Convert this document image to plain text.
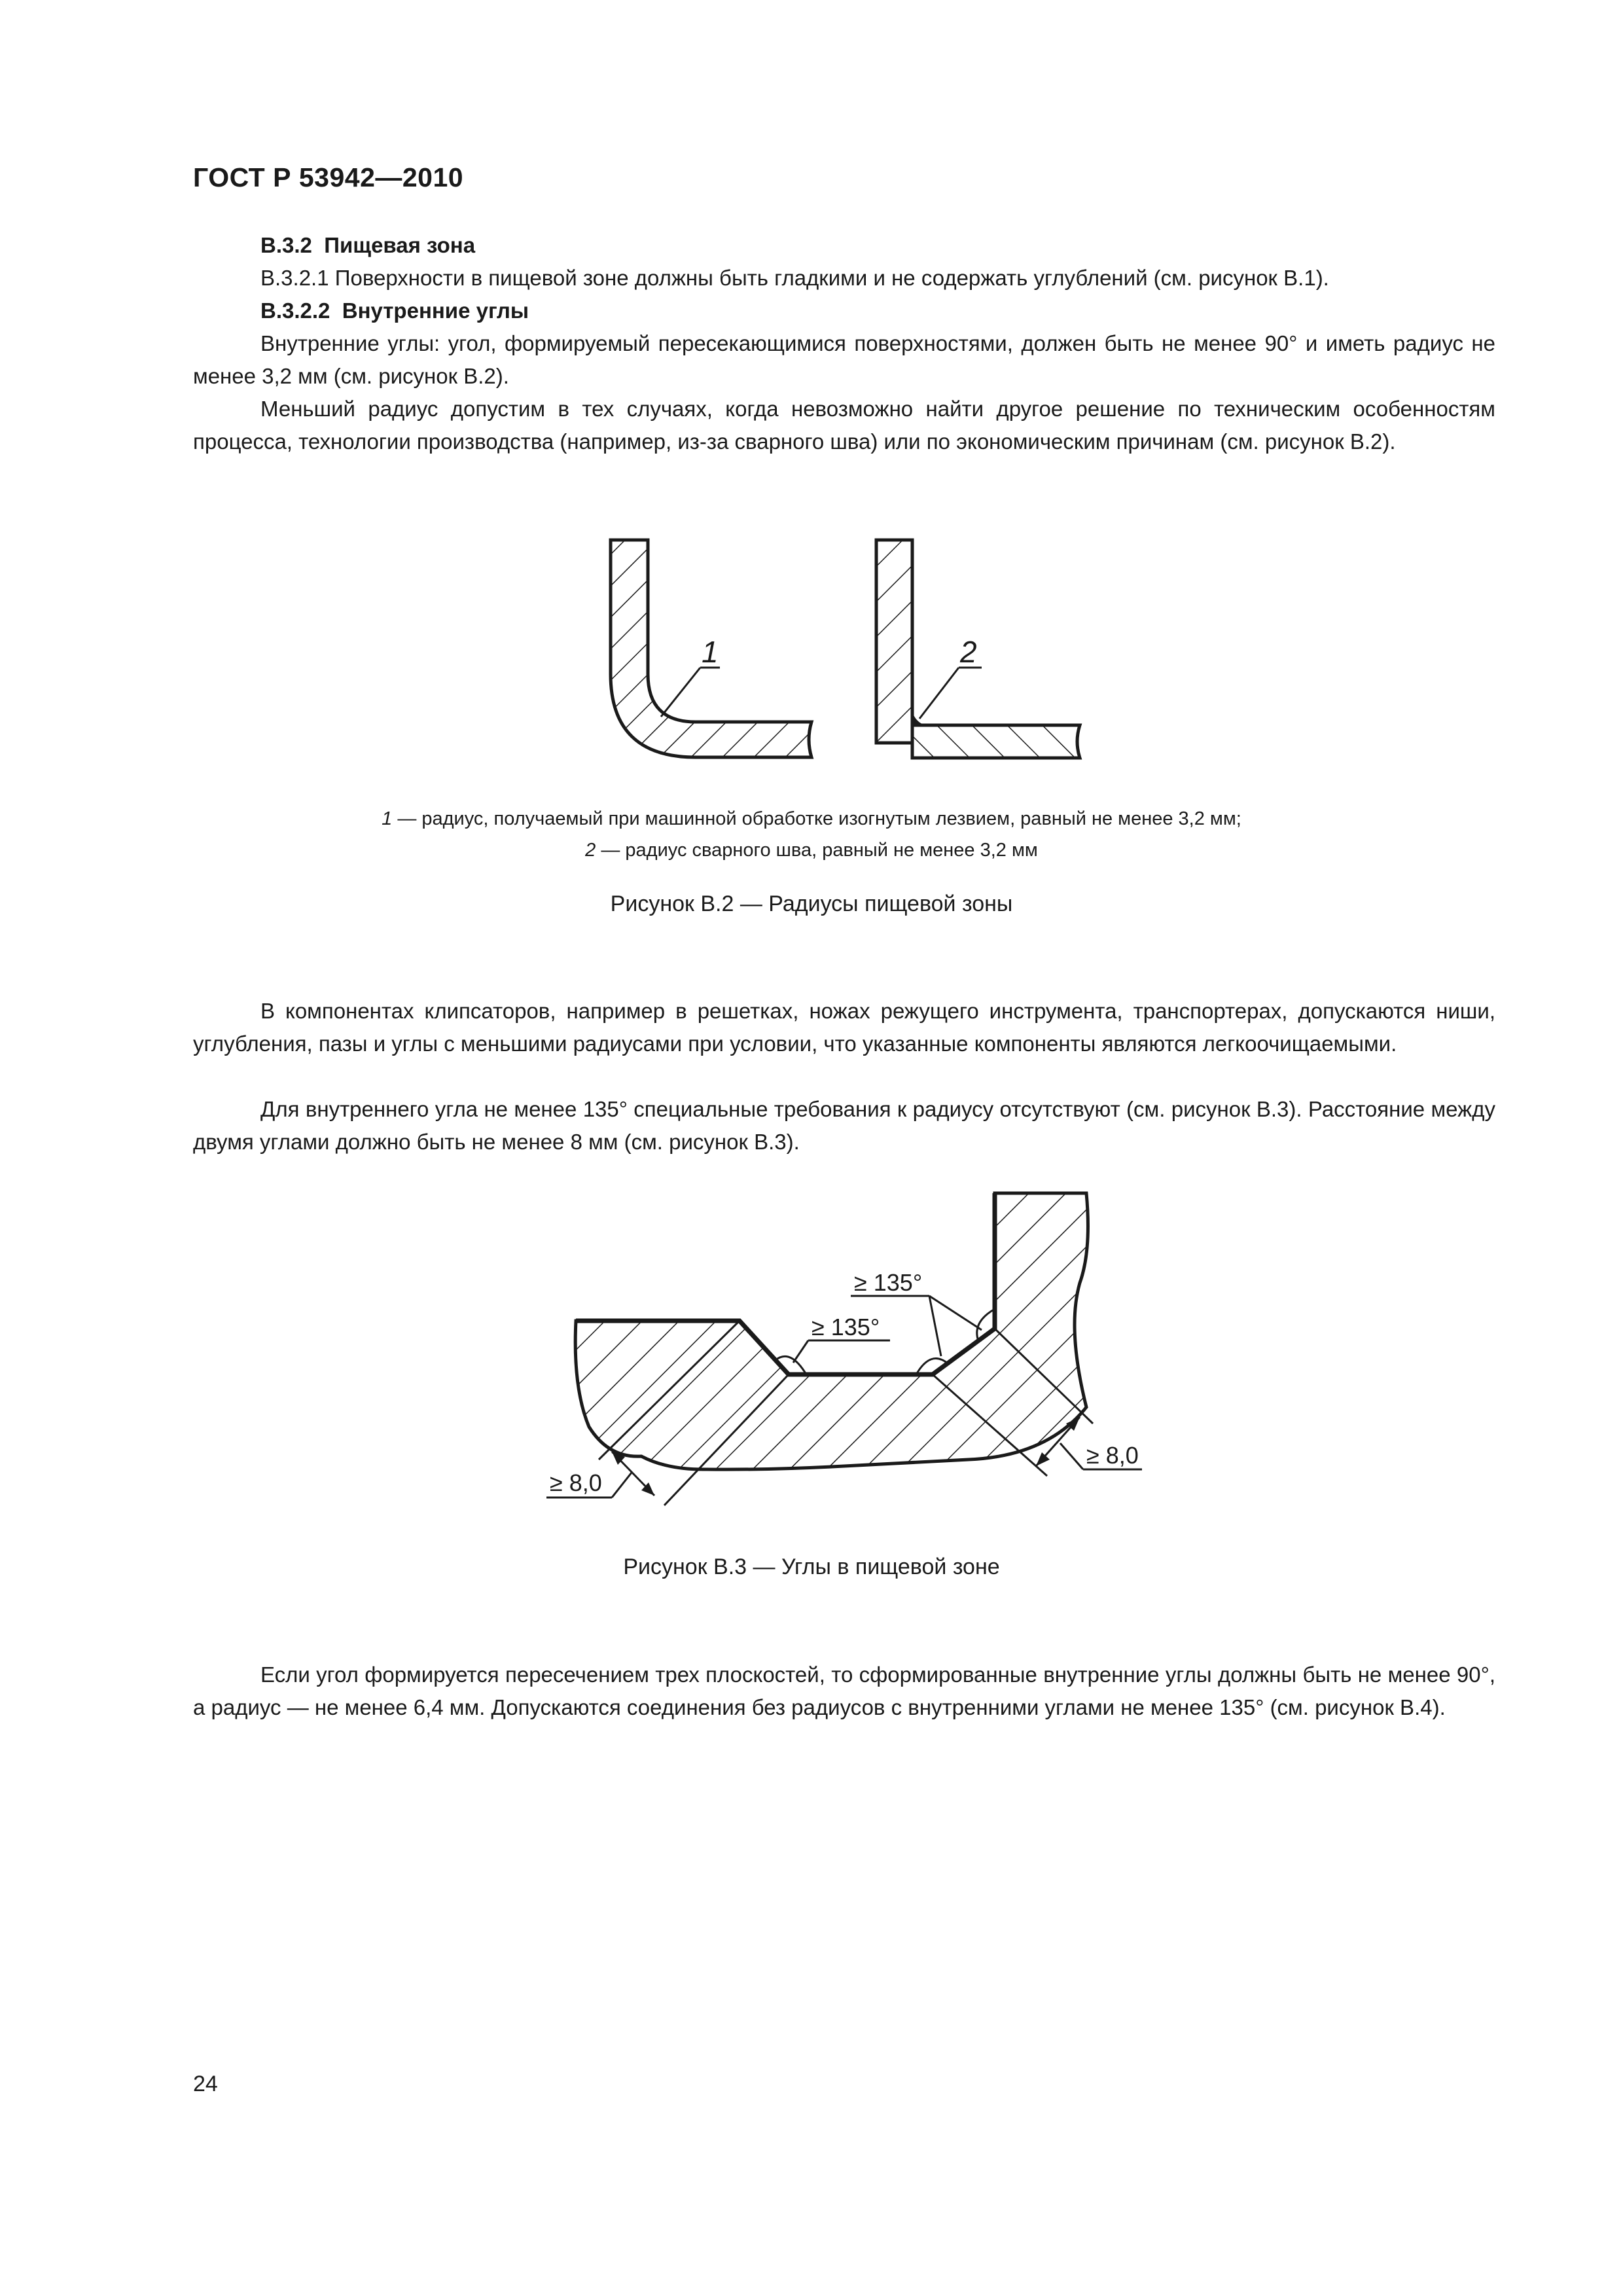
ГОСТ Р 53942—2010

В.3.2 Пищевая зона

В.3.2.1 Поверхности в пищевой зоне должны быть гладкими и не содержать углублений (см. рисунок В.1).

В.3.2.2 Внутренние углы

Внутренние углы: угол, формируемый пересекающимися поверхностями, должен быть не менее 90° и иметь радиус не менее 3,2 мм (см. рисунок В.2).

Меньший радиус допустим в тех случаях, когда невозможно найти другое решение по техническим особенностям процесса, технологии производства (например, из-за сварного шва) или по экономическим причинам (см. рисунок В.2).

1	2

1 — радиус, получаемый при машинной обработке изогнутым лезвием, равный не менее 3,2 мм;

2 — радиус сварного шва, равный не менее 3,2 мм

Рисунок В.2 — Радиусы пищевой зоны

В компонентах клипсаторов, например в решетках, ножах режущего инструмента, транспортерах, допускаются ниши, углубления, пазы и углы с меньшими радиусами при условии, что указанные компоненты являются легкоочищаемыми.

Для внутреннего угла не менее 135° специальные требования к радиусу отсутствуют (см. рисунок В.3). Расстояние между двумя углами должно быть не менее 8 мм (см. рисунок В.3).

≥ 135°
≥ 135°
≥ 8,0
≥ 8,0

Рисунок В.3 — Углы в пищевой зоне

Если угол формируется пересечением трех плоскостей, то сформированные внутренние углы должны быть не менее 90°, а радиус — не менее 6,4 мм. Допускаются соединения без радиусов с внутренними углами не менее 135° (см. рисунок В.4).

24
